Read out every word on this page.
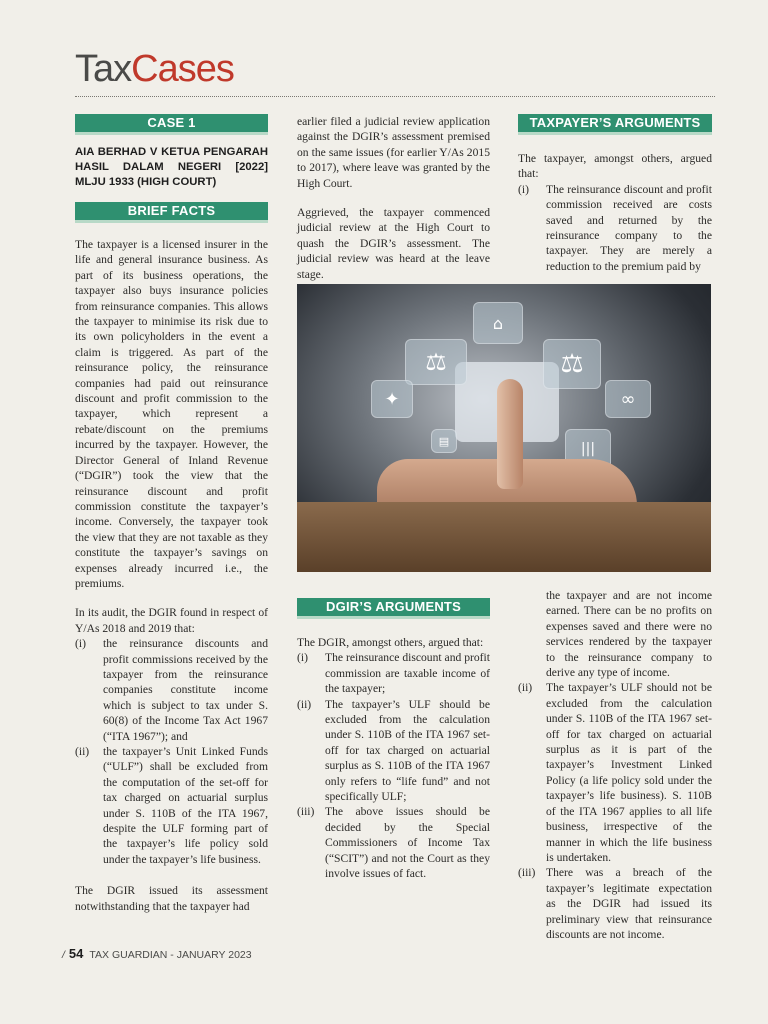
TaxCases
CASE 1
AIA BERHAD V KETUA PENGARAH HASIL DALAM NEGERI [2022] MLJU 1933 (HIGH COURT)
BRIEF FACTS

The taxpayer is a licensed insurer in the life and general insurance business. As part of its business operations, the taxpayer also buys insurance policies from reinsurance companies. This allows the taxpayer to minimise its risk due to its own policyholders in the event a claim is triggered. As part of the reinsurance policy, the reinsurance companies had paid out reinsurance discount and profit commission to the taxpayer, which represent a rebate/discount on the premiums incurred by the taxpayer. However, the Director General of Inland Revenue (“DGIR”) took the view that the reinsurance discount and profit commission constitute the taxpayer’s income. Conversely, the taxpayer took the view that they are not taxable as they constitute the taxpayer’s savings on expenses already incurred i.e., the premiums.

In its audit, the DGIR found in respect of Y/As 2018 and 2019 that:

(i)	the reinsurance discounts and profit commissions received by the taxpayer from the reinsurance companies constitute income which is subject to tax under S. 60(8) of the Income Tax Act 1967 (“ITA 1967”); and
(ii)	the taxpayer’s Unit Linked Funds (“ULF”) shall be excluded from the computation of the set-off for tax charged on actuarial surplus under S. 110B of the ITA 1967, despite the ULF forming part of the taxpayer’s life policy sold under the taxpayer’s life business.

The DGIR issued its assessment notwithstanding that the taxpayer had

earlier filed a judicial review application against the DGIR’s assessment premised on the same issues (for earlier Y/As 2015 to 2017), where leave was granted by the High Court.

Aggrieved, the taxpayer commenced judicial review at the High Court to quash the DGIR’s assessment. The judicial review was heard at the leave stage.

TAXPAYER’S ARGUMENTS

The taxpayer, amongst others, argued that:

(i)	The reinsurance discount and profit commission received are costs saved and returned by the reinsurance company to the taxpayer. They are merely a reduction to the premium paid by
⚖	⚖
✦	∞
▤	|||
⌂
DGIR’S ARGUMENTS

The DGIR, amongst others, argued that:

(i)	The reinsurance discount and profit commission are taxable income of the taxpayer;
(ii)	The taxpayer’s ULF should be excluded from the calculation under S. 110B of the ITA 1967 set-off for tax charged on actuarial surplus as S. 110B of the ITA 1967 only refers to “life fund” and not specifically ULF;
(iii) The above issues should be decided by the Special Commissioners of Income Tax (“SCIT”) and not the Court as they involve issues of fact.

the taxpayer and are not income earned. There can be no profits on expenses saved and there were no services rendered by the taxpayer to the reinsurance company to derive any type of income.

(ii)	The taxpayer’s ULF should not be excluded from the calculation under S. 110B of the ITA 1967 set-off for tax charged on actuarial surplus as it is part of the taxpayer’s Investment Linked Policy (a life policy sold under the taxpayer’s life business). S. 110B of the ITA 1967 applies to all life business, irrespective of the manner in which the life business is undertaken.
(iii) There was a breach of the taxpayer’s legitimate expectation as the DGIR had issued its preliminary view that reinsurance discounts are not income.
/ 54 TAX GUARDIAN - JANUARY 2023
